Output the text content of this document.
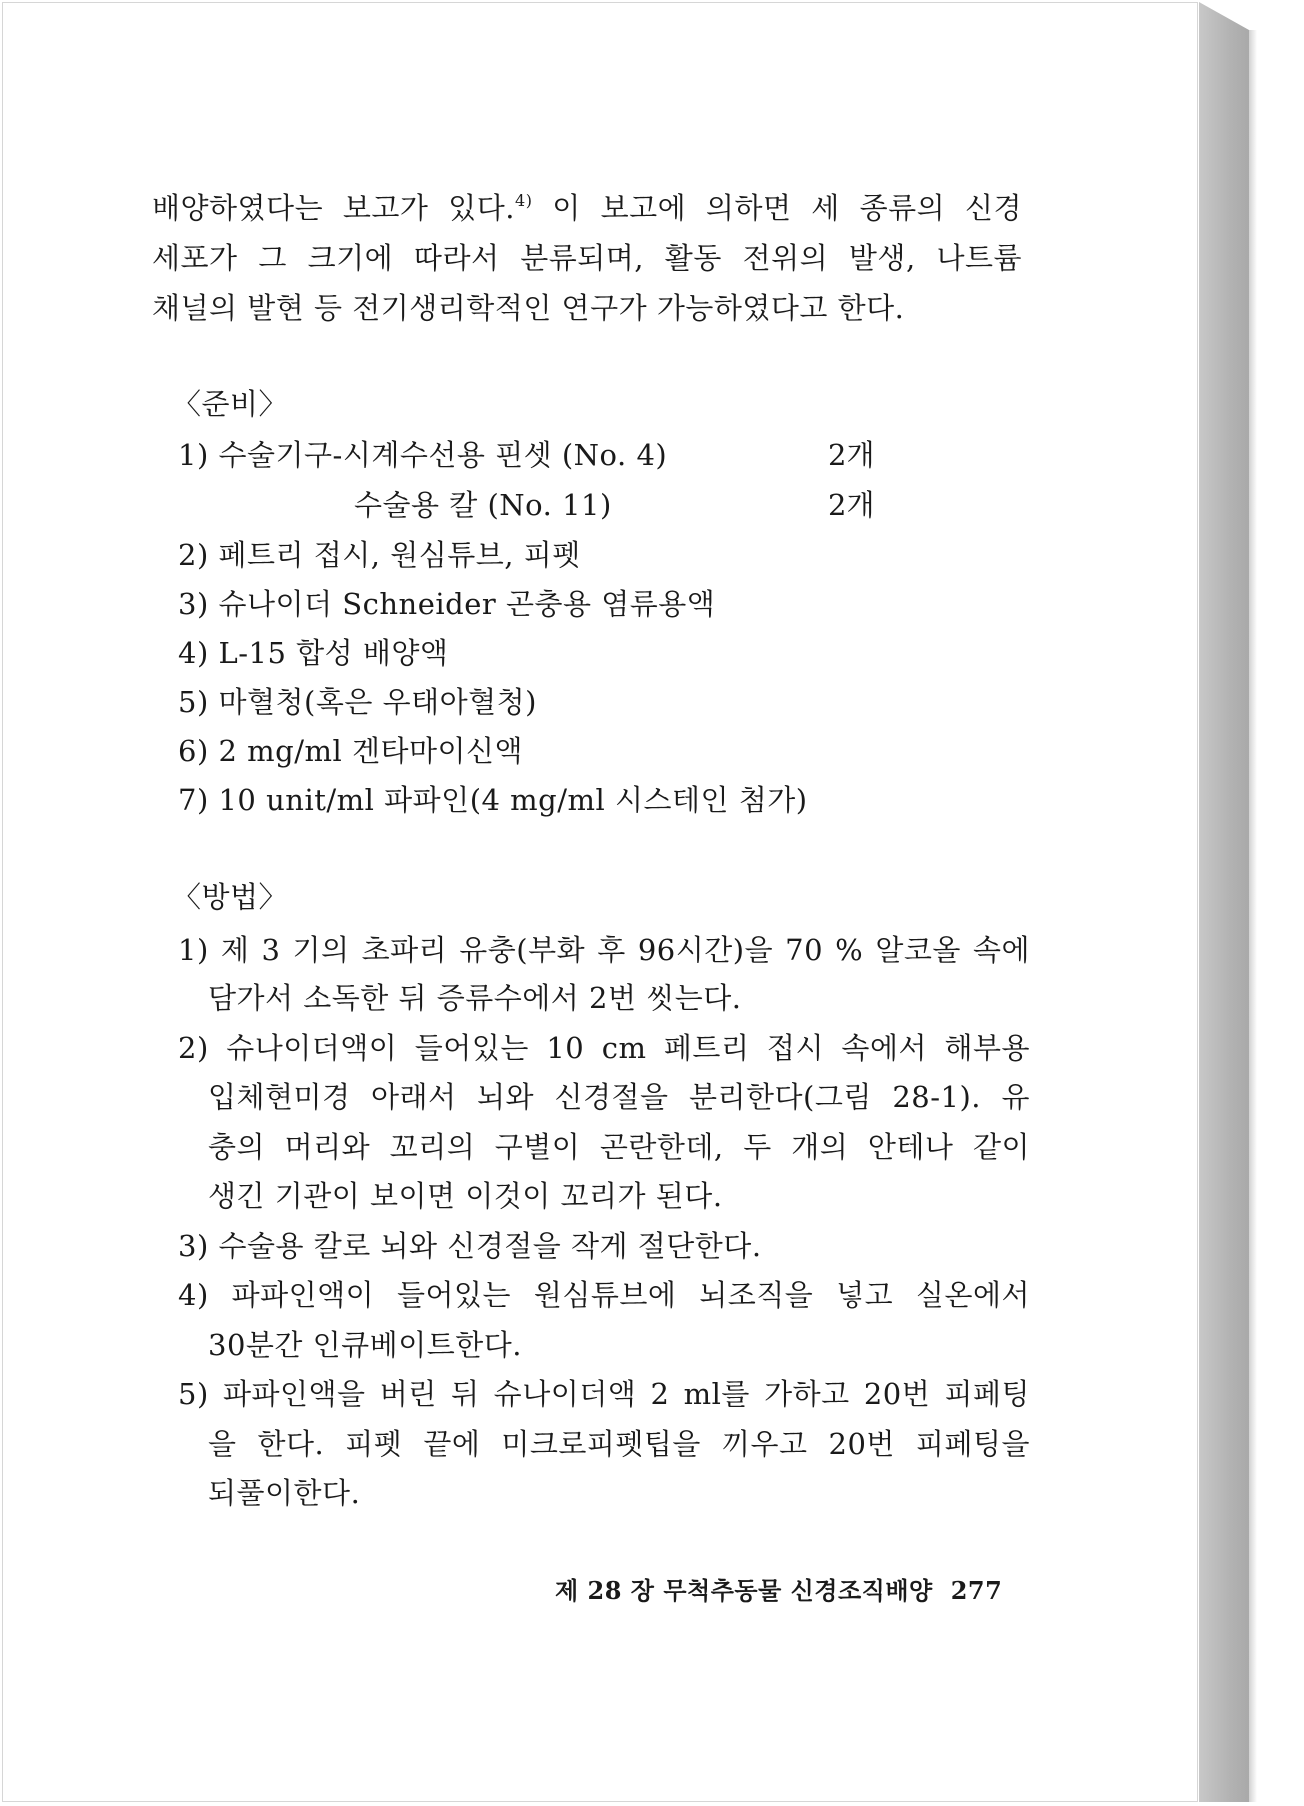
배양하였다는 보고가 있다.$^{4)}$ 이 보고에 의하면 세 종류의 신경
세포가 그 크기에 따라서 분류되며, 활동 전위의 발생, 나트륨
채널의 발현 등 전기생리학적인 연구가 가능하였다고 한다.
〈준비〉
1) 수술기구-시계수선용 핀셋 (No. 4)	2개
수술용 칼 (No. 11)	2개
2) 페트리 접시, 원심튜브, 피펫
3) 슈나이더 Schneider 곤충용 염류용액
4) L-15 합성 배양액
5) 마혈청(혹은 우태아혈청)
6) 2 mg/ml 겐타마이신액
7) 10 unit/ml 파파인(4 mg/ml 시스테인 첨가)
〈방법〉
1) 제 3 기의 초파리 유충(부화 후 96시간)을 70 % 알코올 속에
담가서 소독한 뒤 증류수에서 2번 씻는다.
2) 슈나이더액이 들어있는 10 cm 페트리 접시 속에서 해부용
입체현미경 아래서 뇌와 신경절을 분리한다(그림 28-1). 유
충의 머리와 꼬리의 구별이 곤란한데, 두 개의 안테나 같이
생긴 기관이 보이면 이것이 꼬리가 된다.
3) 수술용 칼로 뇌와 신경절을 작게 절단한다.
4) 파파인액이 들어있는 원심튜브에 뇌조직을 넣고 실온에서
30분간 인큐베이트한다.
5) 파파인액을 버린 뒤 슈나이더액 2 ml를 가하고 20번 피페팅
을 한다. 피펫 끝에 미크로피펫팁을 끼우고 20번 피페팅을
되풀이한다.
제 28 장 무척추동물 신경조직배양 277
